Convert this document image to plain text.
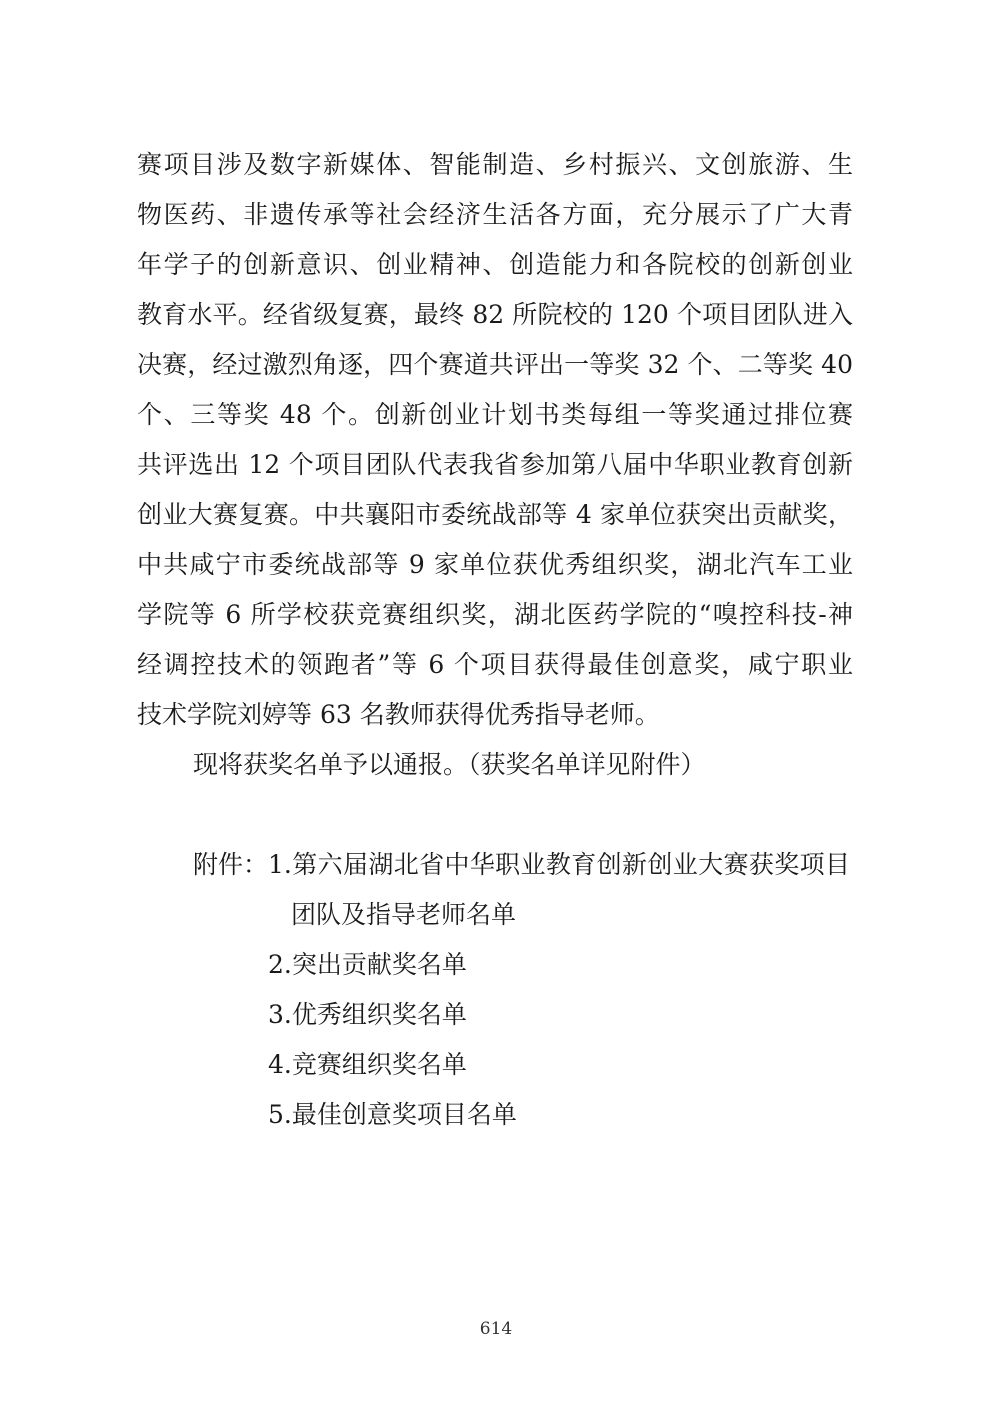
赛项目涉及数字新媒体、智能制造、乡村振兴、文创旅游、生
物医药、非遗传承等社会经济生活各方面，充分展示了广大青
年学子的创新意识、创业精神、创造能力和各院校的创新创业
教育水平。经省级复赛，最终 82 所院校的 120 个项目团队进入
决赛，经过激烈角逐，四个赛道共评出一等奖 32 个、二等奖 40
个、三等奖 48 个。创新创业计划书类每组一等奖通过排位赛
共评选出 12 个项目团队代表我省参加第八届中华职业教育创新
创业大赛复赛。中共襄阳市委统战部等 4 家单位获突出贡献奖，
中共咸宁市委统战部等 9 家单位获优秀组织奖，湖北汽车工业
学院等 6 所学校获竞赛组织奖，湖北医药学院的“嗅控科技-神
经调控技术的领跑者”等 6 个项目获得最佳创意奖，咸宁职业
技术学院刘婷等 63 名教师获得优秀指导老师。
现将获奖名单予以通报。（获奖名单详见附件）
附件： 1.第六届湖北省中华职业教育创新创业大赛获奖项目
团队及指导老师名单
2.突出贡献奖名单
3.优秀组织奖名单
4.竞赛组织奖名单
5.最佳创意奖项目名单
614
